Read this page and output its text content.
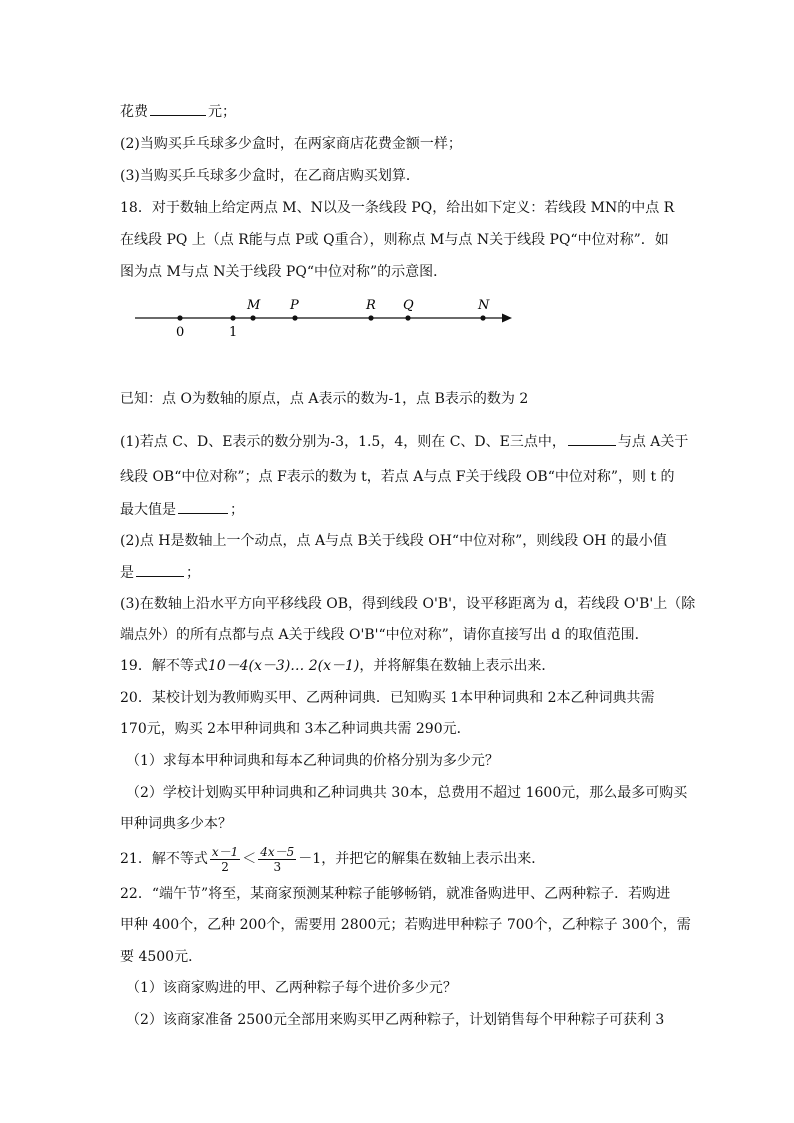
花费	元；
(2)当购买乒乓球多少盒时，在两家商店花费金额一样；
(3)当购买乒乓球多少盒时，在乙商店购买划算．
18．对于数轴上给定两点 M、N以及一条线段 PQ，给出如下定义：若线段 MN的中点 R
在线段 PQ 上（点 R能与点 P或 Q重合），则称点 M与点 N关于线段 PQ“中位对称”．如
图为点 M与点 N关于线段 PQ“中位对称”的示意图．
0	1
M P	R Q	N
已知：点 O为数轴的原点，点 A表示的数为-1，点 B表示的数为 2
(1)若点 C、D、E表示的数分别为-3，1.5，4，则在 C、D、E三点中，	与点 A关于
线段 OB“中位对称”；点 F表示的数为 t，若点 A与点 F关于线段 OB“中位对称”，则 t 的
最大值是	；
(2)点 H是数轴上一个动点，点 A与点 B关于线段 OH“中位对称”，则线段 OH 的最小值
是	；
(3)在数轴上沿水平方向平移线段 OB，得到线段 O'B'，设平移距离为 d，若线段 O'B'上（除
端点外）的所有点都与点 A关于线段 O'B'“中位对称”，请你直接写出 d 的取值范围．
19．解不等式10－4(x－3)… 2(x－1)，并将解集在数轴上表示出来．
20．某校计划为教师购买甲、乙两种词典．已知购买 1本甲种词典和 2本乙种词典共需
170元，购买 2本甲种词典和 3本乙种词典共需 290元．
（1）求每本甲种词典和每本乙种词典的价格分别为多少元？
（2）学校计划购买甲种词典和乙种词典共 30本，总费用不超过 1600元，那么最多可购买
甲种词典多少本？
21．解不等式 $\frac{x-1}{2} < \frac{4x-5}{3} -1$，并把它的解集在数轴上表示出来．
22．“端午节”将至，某商家预测某种粽子能够畅销，就准备购进甲、乙两种粽子．若购进
甲种 400个，乙种 200个，需要用 2800元；若购进甲种粽子 700个，乙种粽子 300个，需
要 4500元．
（1）该商家购进的甲、乙两种粽子每个进价多少元？
（2）该商家准备 2500元全部用来购买甲乙两种粽子，计划销售每个甲种粽子可获利 3
